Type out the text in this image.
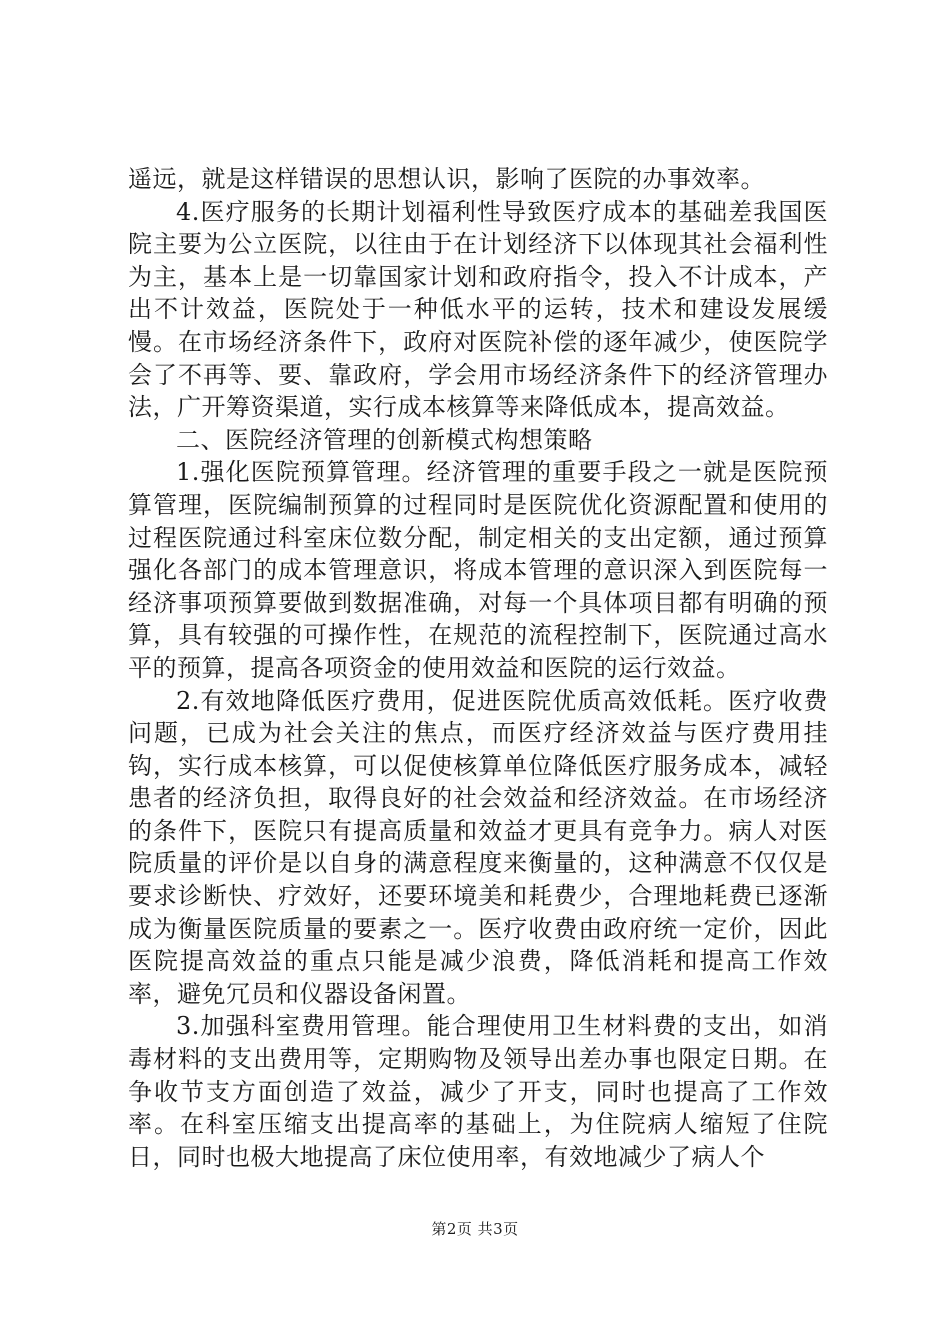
遥远，就是这样错误的思想认识，影响了医院的办事效率。

4.医疗服务的长期计划福利性导致医疗成本的基础差我国医院主要为公立医院，以往由于在计划经济下以体现其社会福利性为主，基本上是一切靠国家计划和政府指令，投入不计成本，产出不计效益，医院处于一种低水平的运转，技术和建设发展缓慢。在市场经济条件下，政府对医院补偿的逐年减少，使医院学会了不再等、要、靠政府，学会用市场经济条件下的经济管理办法，广开筹资渠道，实行成本核算等来降低成本，提高效益。

二、医院经济管理的创新模式构想策略

1.强化医院预算管理。经济管理的重要手段之一就是医院预算管理，医院编制预算的过程同时是医院优化资源配置和使用的过程医院通过科室床位数分配，制定相关的支出定额，通过预算强化各部门的成本管理意识，将成本管理的意识深入到医院每一经济事项预算要做到数据准确，对每一个具体项目都有明确的预算，具有较强的可操作性，在规范的流程控制下，医院通过高水平的预算，提高各项资金的使用效益和医院的运行效益。

2.有效地降低医疗费用，促进医院优质高效低耗。医疗收费问题，已成为社会关注的焦点，而医疗经济效益与医疗费用挂钩，实行成本核算，可以促使核算单位降低医疗服务成本，减轻患者的经济负担，取得良好的社会效益和经济效益。在市场经济的条件下，医院只有提高质量和效益才更具有竞争力。病人对医院质量的评价是以自身的满意程度来衡量的，这种满意不仅仅是要求诊断快、疗效好，还要环境美和耗费少，合理地耗费已逐渐成为衡量医院质量的要素之一。医疗收费由政府统一定价，因此医院提高效益的重点只能是减少浪费，降低消耗和提高工作效率，避免冗员和仪器设备闲置。

3.加强科室费用管理。能合理使用卫生材料费的支出，如消毒材料的支出费用等，定期购物及领导出差办事也限定日期。在争收节支方面创造了效益，减少了开支，同时也提高了工作效率。在科室压缩支出提高率的基础上，为住院病人缩短了住院日，同时也极大地提高了床位使用率，有效地减少了病人个

第2页 共3页
